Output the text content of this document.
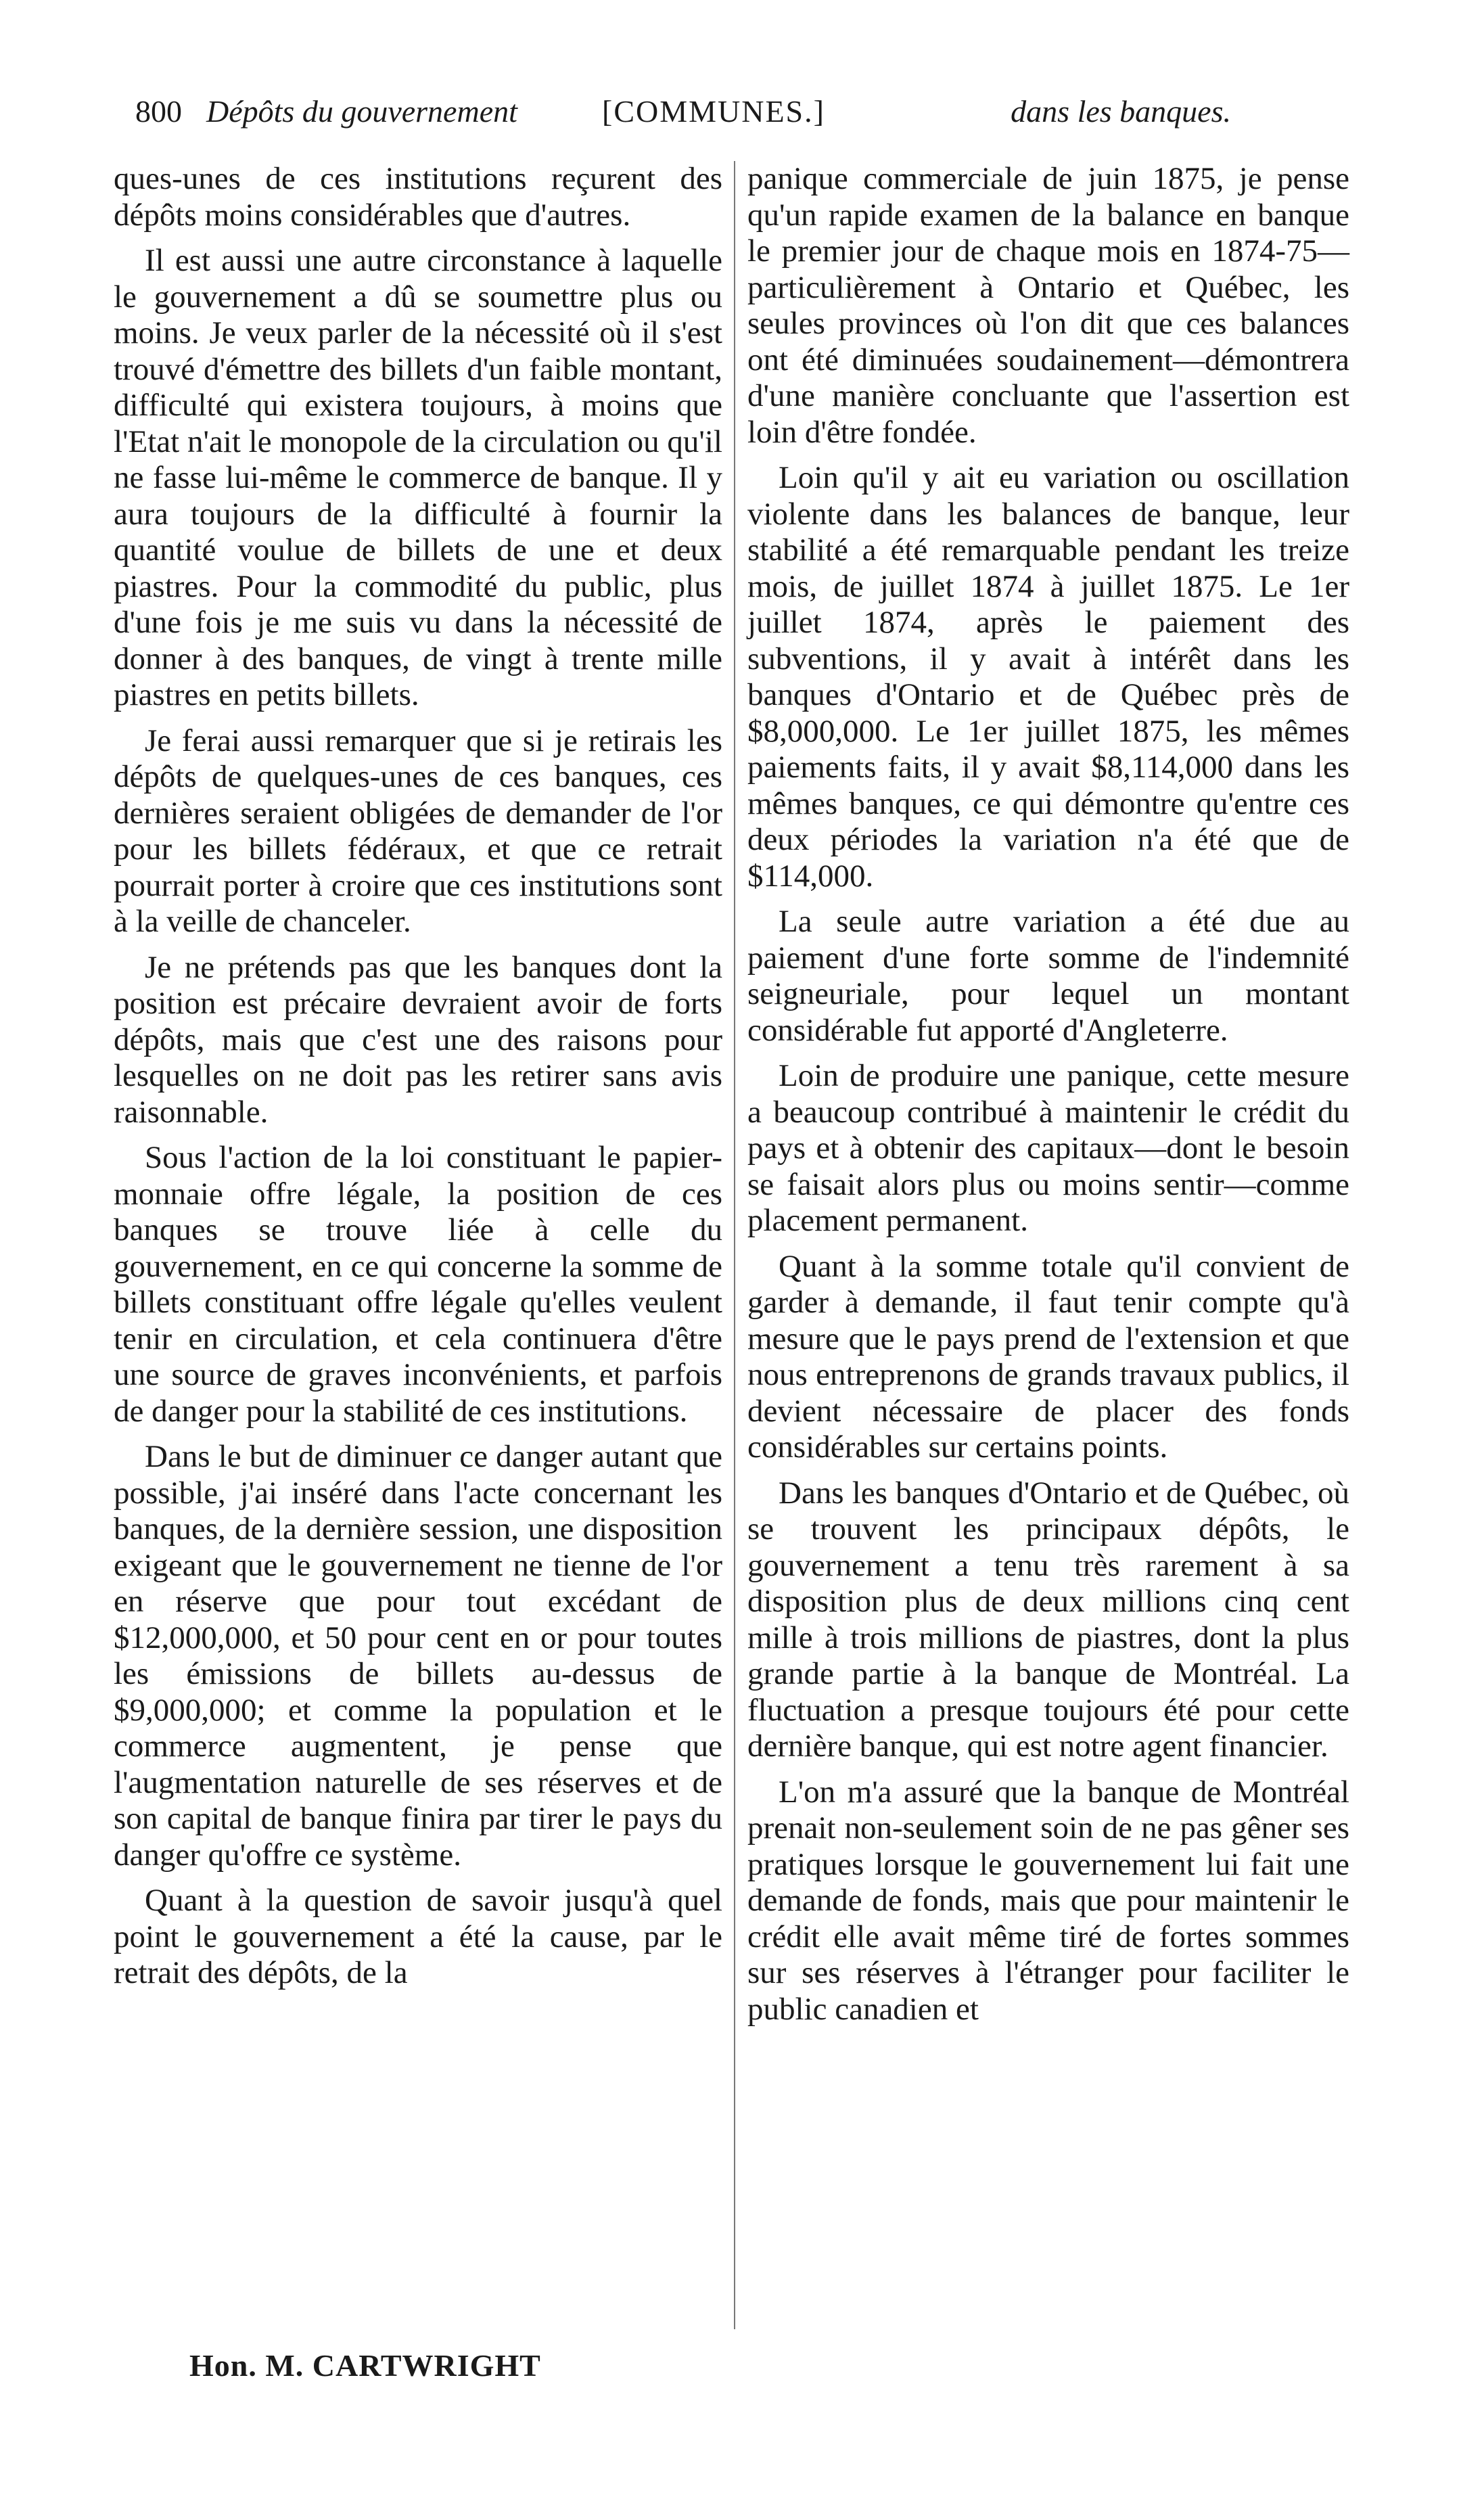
800 Dépôts du gouvernement	[COMMUNES.]	dans les banques.

ques-unes de ces institutions reçurent des dépôts moins considérables que d'autres.

Il est aussi une autre circonstance à laquelle le gouvernement a dû se soumettre plus ou moins. Je veux parler de la nécessité où il s'est trouvé d'émettre des billets d'un faible montant, difficulté qui existera toujours, à moins que l'Etat n'ait le monopole de la circulation ou qu'il ne fasse lui-même le commerce de banque. Il y aura toujours de la difficulté à fournir la quantité voulue de billets de une et deux piastres. Pour la commodité du public, plus d'une fois je me suis vu dans la nécessité de donner à des banques, de vingt à trente mille piastres en petits billets.

Je ferai aussi remarquer que si je retirais les dépôts de quelques-unes de ces banques, ces dernières seraient obligées de demander de l'or pour les billets fédéraux, et que ce retrait pourrait porter à croire que ces institutions sont à la veille de chanceler.

Je ne prétends pas que les banques dont la position est précaire devraient avoir de forts dépôts, mais que c'est une des raisons pour lesquelles on ne doit pas les retirer sans avis raisonnable.

Sous l'action de la loi constituant le papier-monnaie offre légale, la position de ces banques se trouve liée à celle du gouvernement, en ce qui concerne la somme de billets constituant offre légale qu'elles veulent tenir en circulation, et cela continuera d'être une source de graves inconvénients, et parfois de danger pour la stabilité de ces institutions.

Dans le but de diminuer ce danger autant que possible, j'ai inséré dans l'acte concernant les banques, de la dernière session, une disposition exigeant que le gouvernement ne tienne de l'or en réserve que pour tout excédant de $12,000,000, et 50 pour cent en or pour toutes les émissions de billets au-dessus de $9,000,000; et comme la population et le commerce augmentent, je pense que l'augmentation naturelle de ses réserves et de son capital de banque finira par tirer le pays du danger qu'offre ce système.

Quant à la question de savoir jusqu'à quel point le gouvernement a été la cause, par le retrait des dépôts, de la

panique commerciale de juin 1875, je pense qu'un rapide examen de la balance en banque le premier jour de chaque mois en 1874-75—particulièrement à Ontario et Québec, les seules provinces où l'on dit que ces balances ont été diminuées soudainement—démontrera d'une manière concluante que l'assertion est loin d'être fondée.

Loin qu'il y ait eu variation ou oscillation violente dans les balances de banque, leur stabilité a été remarquable pendant les treize mois, de juillet 1874 à juillet 1875. Le 1er juillet 1874, après le paiement des subventions, il y avait à intérêt dans les banques d'Ontario et de Québec près de $8,000,000. Le 1er juillet 1875, les mêmes paiements faits, il y avait $8,114,000 dans les mêmes banques, ce qui démontre qu'entre ces deux périodes la variation n'a été que de $114,000.

La seule autre variation a été due au paiement d'une forte somme de l'indemnité seigneuriale, pour lequel un montant considérable fut apporté d'Angleterre.

Loin de produire une panique, cette mesure a beaucoup contribué à maintenir le crédit du pays et à obtenir des capitaux—dont le besoin se faisait alors plus ou moins sentir—comme placement permanent.

Quant à la somme totale qu'il convient de garder à demande, il faut tenir compte qu'à mesure que le pays prend de l'extension et que nous entreprenons de grands travaux publics, il devient nécessaire de placer des fonds considérables sur certains points.

Dans les banques d'Ontario et de Québec, où se trouvent les principaux dépôts, le gouvernement a tenu très rarement à sa disposition plus de deux millions cinq cent mille à trois millions de piastres, dont la plus grande partie à la banque de Montréal. La fluctuation a presque toujours été pour cette dernière banque, qui est notre agent financier.

L'on m'a assuré que la banque de Montréal prenait non-seulement soin de ne pas gêner ses pratiques lorsque le gouvernement lui fait une demande de fonds, mais que pour maintenir le crédit elle avait même tiré de fortes sommes sur ses réserves à l'étranger pour faciliter le public canadien et

Hon. M. CARTWRIGHT
